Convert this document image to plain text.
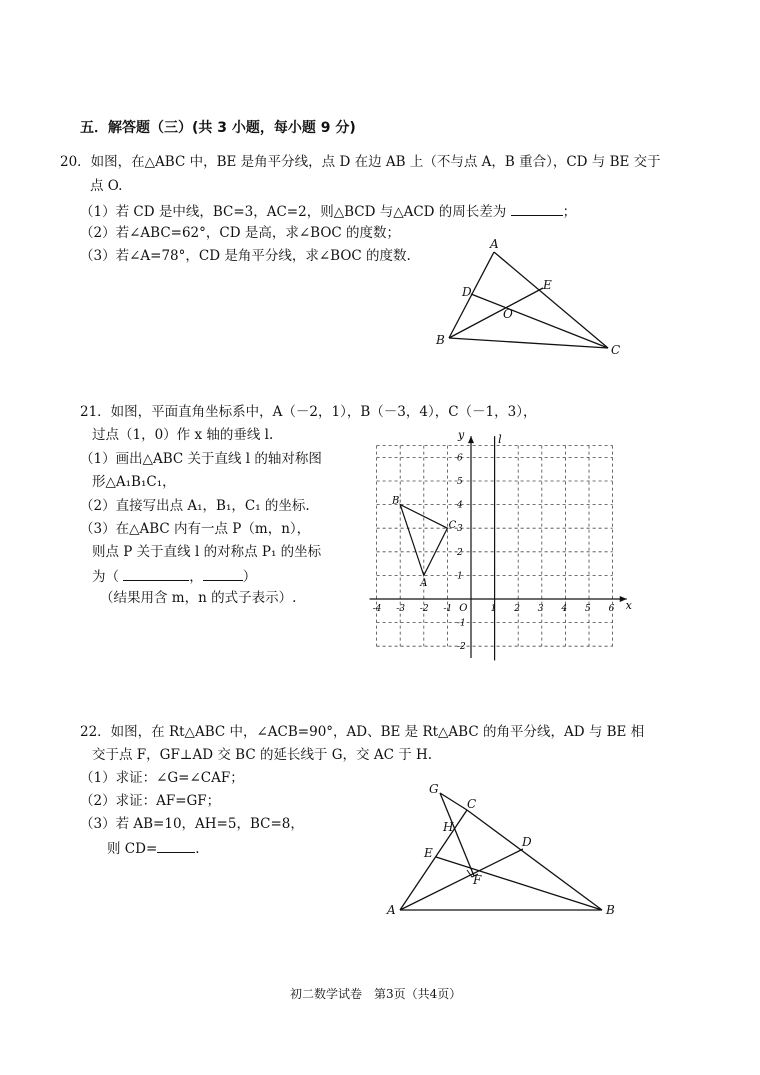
五．解答题（三）(共 3 小题，每小题 9 分)
20．如图，在△ABC 中，BE 是角平分线，点 D 在边 AB 上（不与点 A，B 重合），CD 与 BE 交于
点 O.
（1）若 CD 是中线，BC=3，AC=2，则△BCD 与△ACD 的周长差为	；
（2）若∠ABC=62°，CD 是高，求∠BOC 的度数；
（3）若∠A=78°，CD 是角平分线，求∠BOC 的度数.
A
B
C
D	E
O
21．如图，平面直角坐标系中，A（－2，1），B（－3，4），C（－1，3），
过点（1，0）作 x 轴的垂线 l.
（1）画出△ABC 关于直线 l 的轴对称图
形△A₁B₁C₁，
（2）直接写出点 A₁，B₁，C₁ 的坐标.
（3）在△ABC 内有一点 P（m，n），
则点 P 关于直线 l 的对称点 P₁ 的坐标
为（	，	）
（结果用含 m，n 的式子表示）.
l
y
x
O
-4 -3 -2 -1	1 2 3 4 5 6
6
5
4
3
2
1
-1
-2
A
B
C
22．如图，在 Rt△ABC 中，∠ACB=90°，AD、BE 是 Rt△ABC 的角平分线，AD 与 BE 相
交于点 F，GF⊥AD 交 BC 的延长线于 G，交 AC 于 H.
（1）求证：∠G=∠CAF；
（2）求证：AF=GF；
（3）若 AB=10，AH=5，BC=8，
则 CD=	.
A	B
C
D
E
F
G
H
初二数学试卷　第3页（共4页）
